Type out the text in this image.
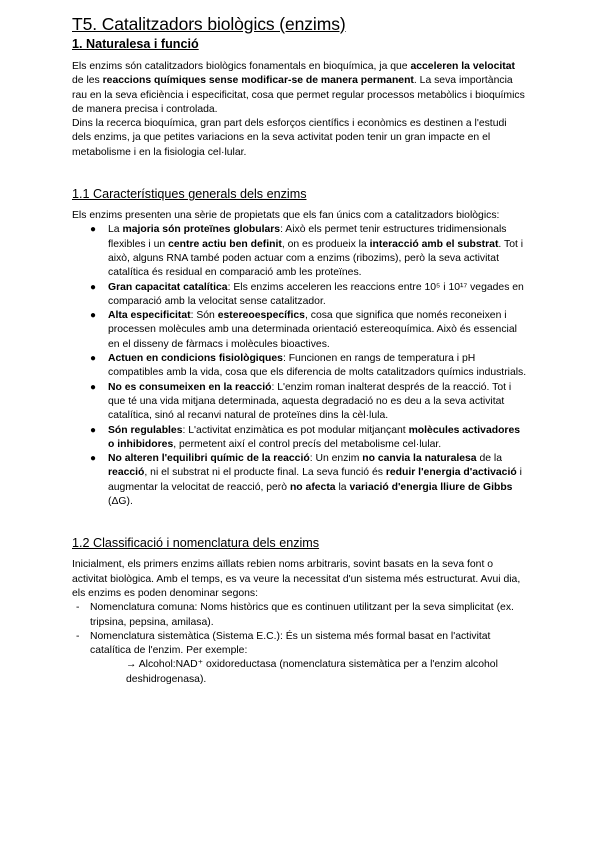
T5. Catalitzadors biològics (enzims)
1. Naturalesa i funció

Els enzims són catalitzadors biològics fonamentals en bioquímica, ja que acceleren la velocitat de les reaccions químiques sense modificar-se de manera permanent. La seva importància rau en la seva eficiència i especificitat, cosa que permet regular processos metabòlics i bioquímics de manera precisa i controlada.

Dins la recerca bioquímica, gran part dels esforços científics i econòmics es destinen a l'estudi dels enzims, ja que petites variacions en la seva activitat poden tenir un gran impacte en el metabolisme i en la fisiologia cel·lular.

1.1 Característiques generals dels enzims

Els enzims presenten una sèrie de propietats que els fan únics com a catalitzadors biològics:

● La majoria són proteïnes globulars: Això els permet tenir estructures tridimensionals flexibles i un centre actiu ben definit, on es produeix la interacció amb el substrat. Tot i això, alguns RNA també poden actuar com a enzims (ribozims), però la seva activitat catalítica és residual en comparació amb les proteïnes.
● Gran capacitat catalítica: Els enzims acceleren les reaccions entre 10⁵ i 10¹⁷ vegades en comparació amb la velocitat sense catalitzador.
● Alta especificitat: Són estereoespecífics, cosa que significa que només reconeixen i processen molècules amb una determinada orientació estereoquímica. Això és essencial en el disseny de fàrmacs i molècules bioactives.
● Actuen en condicions fisiològiques: Funcionen en rangs de temperatura i pH compatibles amb la vida, cosa que els diferencia de molts catalitzadors químics industrials.
● No es consumeixen en la reacció: L'enzim roman inalterat després de la reacció. Tot i que té una vida mitjana determinada, aquesta degradació no es deu a la seva activitat catalítica, sinó al recanvi natural de proteïnes dins la cèl·lula.
● Són regulables: L'activitat enzimàtica es pot modular mitjançant molècules activadores o inhibidores, permetent així el control precís del metabolisme cel·lular.
● No alteren l'equilibri químic de la reacció: Un enzim no canvia la naturalesa de la reacció, ni el substrat ni el producte final. La seva funció és reduir l'energia d'activació i augmentar la velocitat de reacció, però no afecta la variació d'energia lliure de Gibbs (ΔG).
1.2 Classificació i nomenclatura dels enzims

Inicialment, els primers enzims aïllats rebien noms arbitraris, sovint basats en la seva font o activitat biològica. Amb el temps, es va veure la necessitat d'un sistema més estructurat. Avui dia, els enzims es poden denominar segons:

- Nomenclatura comuna: Noms històrics que es continuen utilitzant per la seva simplicitat (ex. tripsina, pepsina, amilasa).
- Nomenclatura sistemàtica (Sistema E.C.): És un sistema més formal basat en l'activitat catalítica de l'enzim. Per exemple:
→ Alcohol:NAD⁺ oxidoreductasa (nomenclatura sistemàtica per a l'enzim alcohol deshidrogenasa).
